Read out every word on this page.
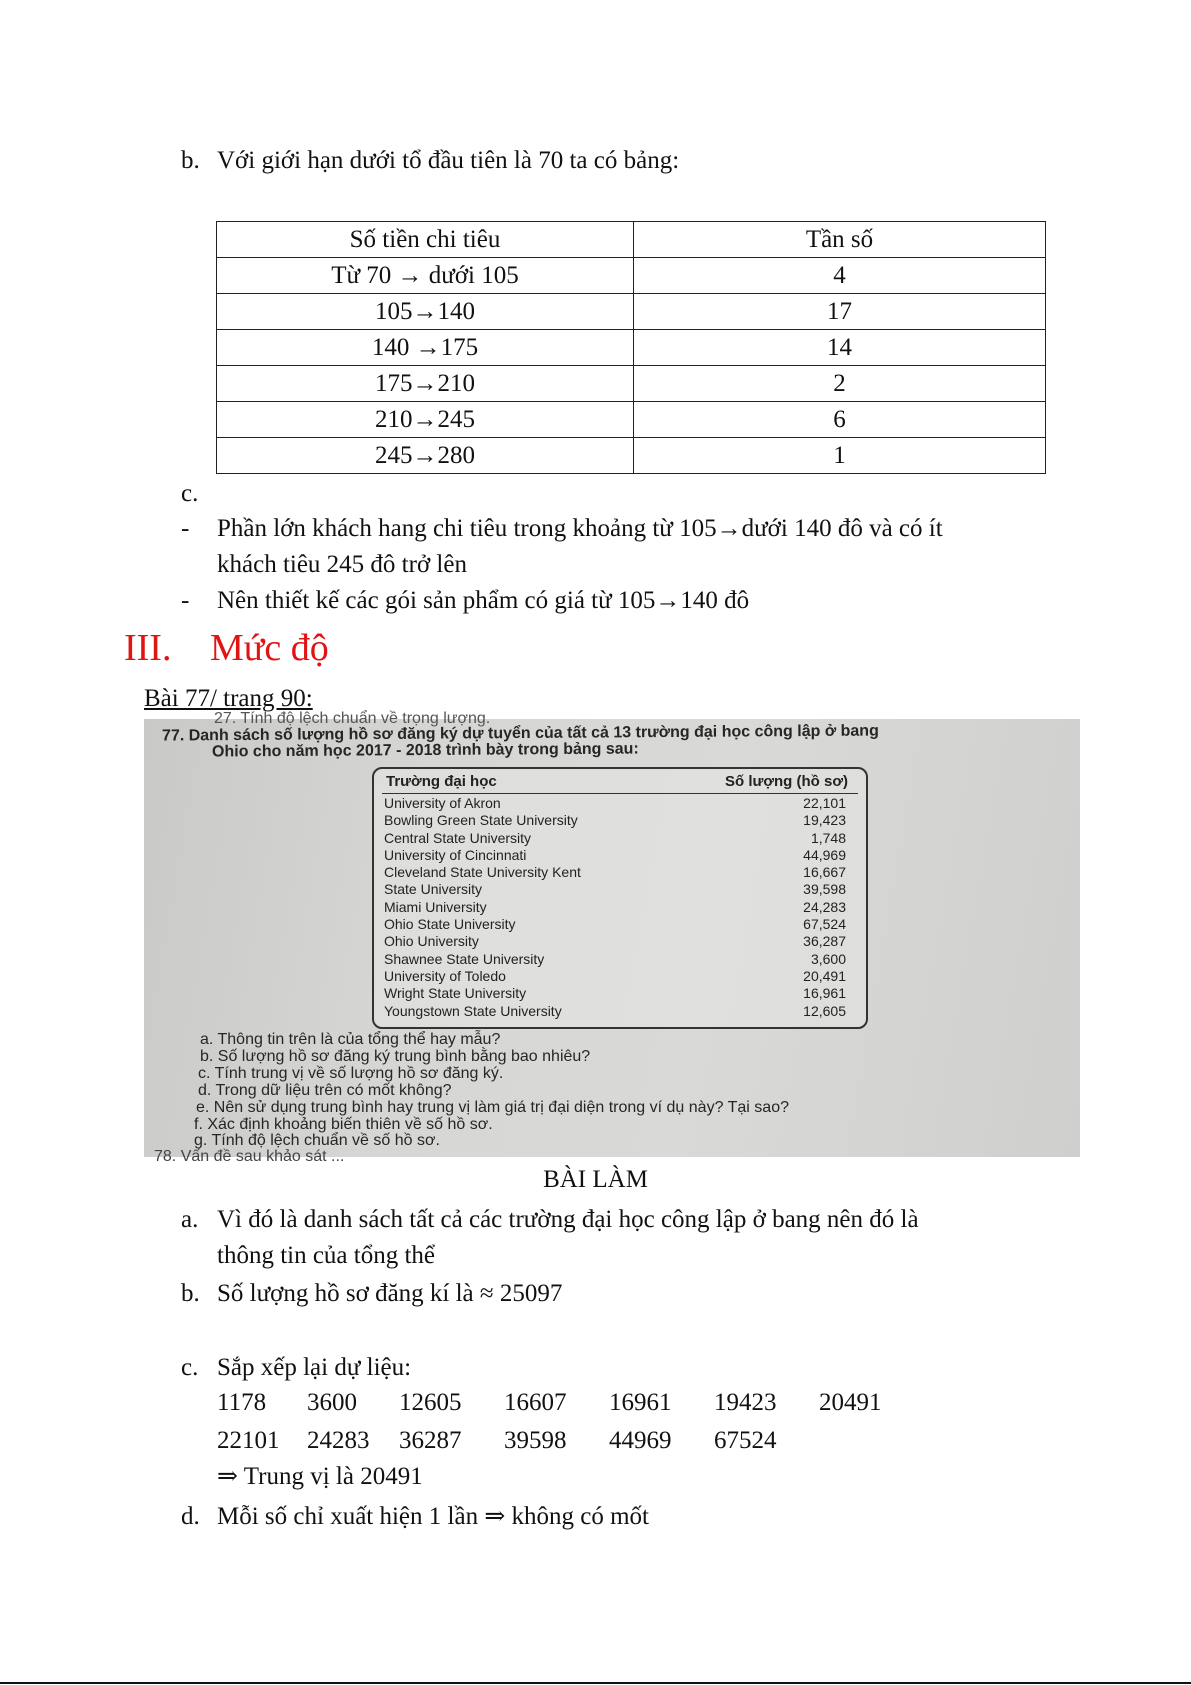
b. Với giới hạn dưới tổ đầu tiên là 70 ta có bảng:
Số tiền chi tiêu	Tần số
Từ 70 → dưới 105	4
105→140	17
140 →175	14
175→210	2
210→245	6
245→280	1
c.
- Phần lớn khách hang chi tiêu trong khoảng từ 105→dưới 140 đô và có ít
khách tiêu 245 đô trở lên
- Nên thiết kế các gói sản phẩm có giá từ 105→140 đô
III. Mức độ
Bài 77/ trang 90:
27. Tính độ lệch chuẩn về trọng lượng.
77. Danh sách số lượng hồ sơ đăng ký dự tuyển của tất cả 13 trường đại học công lập ở bang
Ohio cho năm học 2017 - 2018 trình bày trong bảng sau:
Trường đại học	Số lượng (hồ sơ)
University of Akron	22,101
Bowling Green State University	19,423
Central State University	1,748
University of Cincinnati	44,969
Cleveland State University Kent	16,667
State University	39,598
Miami University	24,283
Ohio State University	67,524
Ohio University	36,287
Shawnee State University	3,600
University of Toledo	20,491
Wright State University	16,961
Youngstown State University	12,605
a. Thông tin trên là của tổng thể hay mẫu?
b. Số lượng hồ sơ đăng ký trung bình bằng bao nhiêu?
c. Tính trung vị về số lượng hồ sơ đăng ký.
d. Trong dữ liệu trên có mốt không?
e. Nên sử dụng trung bình hay trung vị làm giá trị đại diện trong ví dụ này? Tại sao?
f. Xác định khoảng biến thiên về số hồ sơ.
g. Tính độ lệch chuẩn về số hồ sơ.
78. Vấn đề sau khảo sát ...
BÀI LÀM
a. Vì đó là danh sách tất cả các trường đại học công lập ở bang nên đó là
thông tin của tổng thể
b. Số lượng hồ sơ đăng kí là ≈ 25097
c. Sắp xếp lại dự liệu:
1178 3600 12605 16607 16961 19423 20491
22101 24283 36287 39598 44969 67524
⇒ Trung vị là 20491
d. Mỗi số chỉ xuất hiện 1 lần ⇒ không có mốt
